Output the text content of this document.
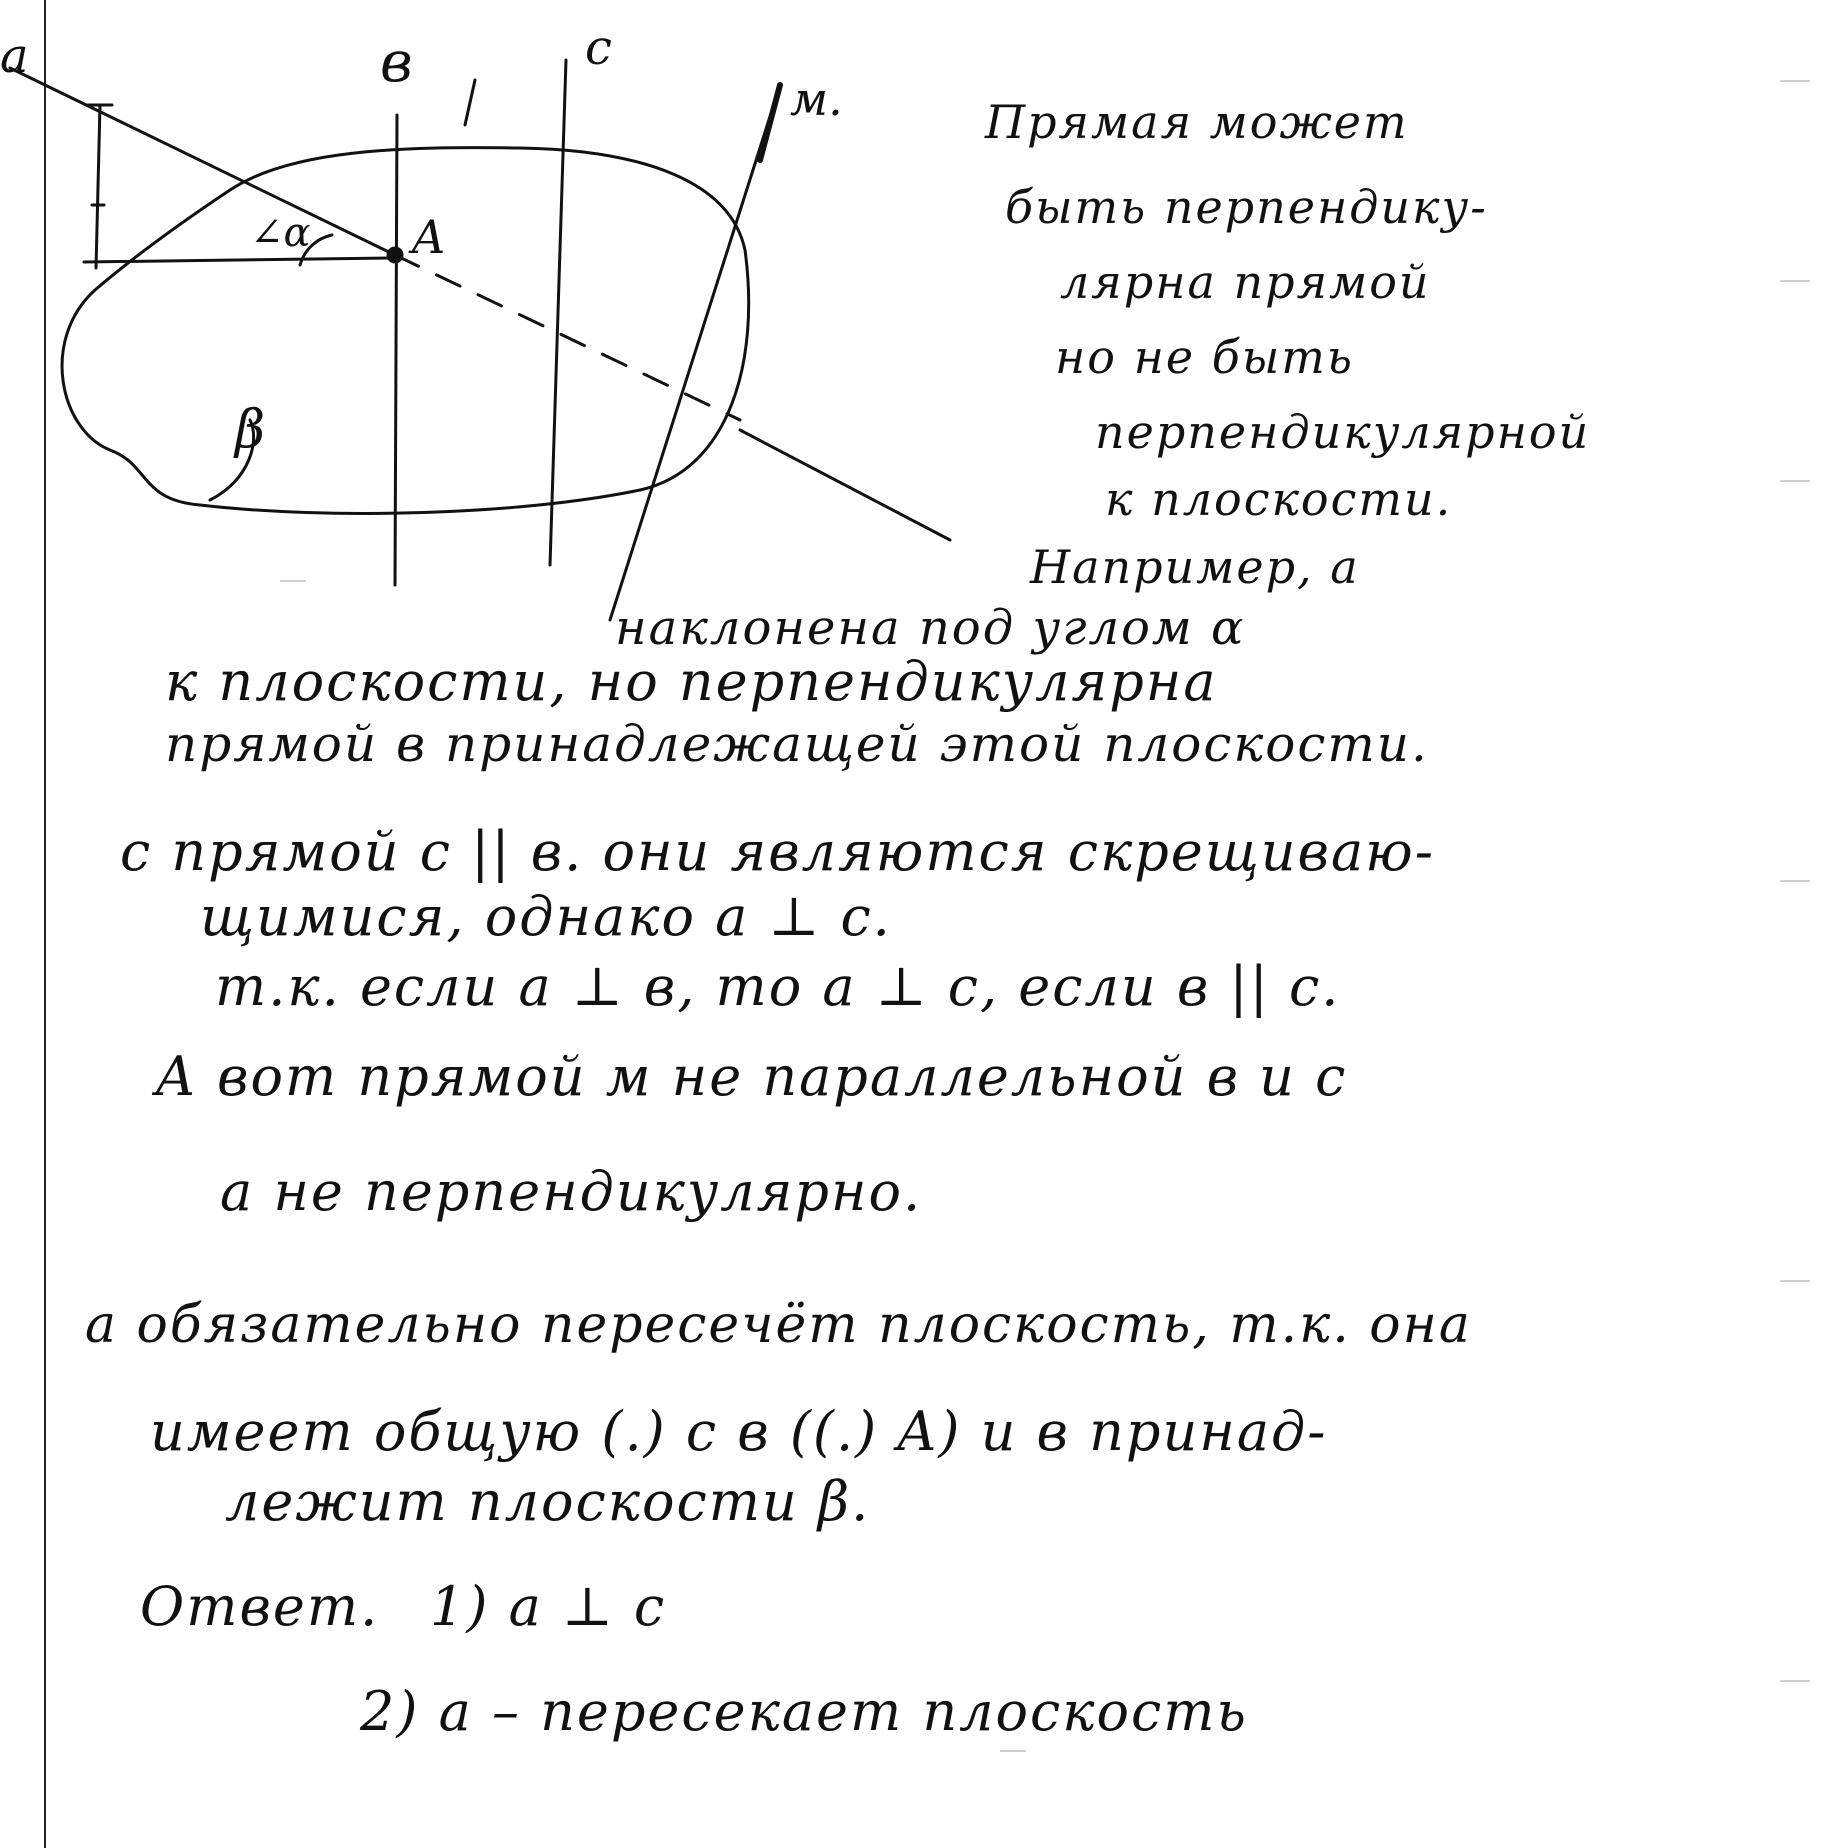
a	в	c
м.
A
∠α
β
Прямая может
быть перпендику-
лярна прямой
но не быть
перпендикулярной
к плоскости.
Например, a
наклонена под углом α
к плоскости, но перпендикулярна
прямой в принадлежащей этой плоскости.
с прямой c || в. они являются скрещиваю-
щимися, однако a ⊥ c.
т.к. если a ⊥ в, то a ⊥ c, если в || c.
А вот прямой м не параллельной в и c
a не перпендикулярно.
a обязательно пересечёт плоскость, т.к. она
имеет общую (.) с в ((.) A) и в принад-
лежит плоскости β.
Ответ. 1) a ⊥ c
2) a – пересекает плоскость
